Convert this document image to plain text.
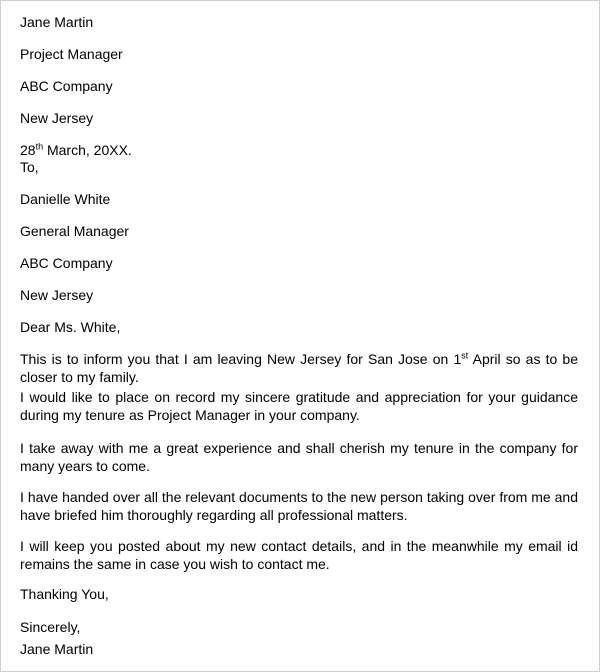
Jane Martin
Project Manager
ABC Company
New Jersey
28th March, 20XX.
To,
Danielle White
General Manager
ABC Company
New Jersey
Dear Ms. White,
This is to inform you that I am leaving New Jersey for San Jose on 1st April so as to be closer to my family.
I would like to place on record my sincere gratitude and appreciation for your guidance during my tenure as Project Manager in your company.
I take away with me a great experience and shall cherish my tenure in the company for many years to come.
I have handed over all the relevant documents to the new person taking over from me and have briefed him thoroughly regarding all professional matters.
I will keep you posted about my new contact details, and in the meanwhile my email id remains the same in case you wish to contact me.
Thanking You,
Sincerely,
Jane Martin
